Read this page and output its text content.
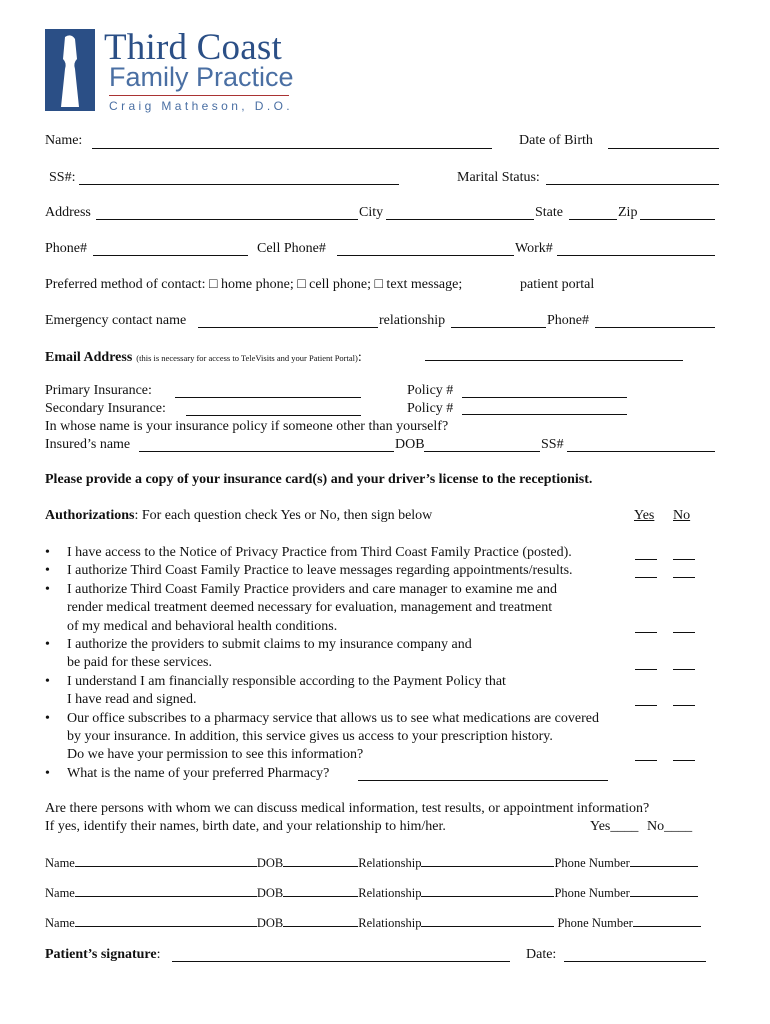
Third Coast
Family Practice
Craig Matheson, D.O.
Name:	Date of Birth
SS#:	Marital Status:
Address	City	State	Zip
Phone#	Cell Phone#	Work#
Preferred method of contact: □ home phone; □ cell phone; □ text message;	patient portal
Emergency contact name	relationship	Phone#
Email Address (this is necessary for access to TeleVisits and your Patient Portal):
Primary Insurance:	Policy #
Secondary Insurance:	Policy #
In whose name is your insurance policy if someone other than yourself?
Insured’s name	DOB	SS#
Please provide a copy of your insurance card(s) and your driver’s license to the receptionist.
Authorizations: For each question check Yes or No, then sign below	Yes No
• I have access to the Notice of Privacy Practice from Third Coast Family Practice (posted).
• I authorize Third Coast Family Practice to leave messages regarding appointments/results.
• I authorize Third Coast Family Practice providers and care manager to examine me and
render medical treatment deemed necessary for evaluation, management and treatment
of my medical and behavioral health conditions.
• I authorize the providers to submit claims to my insurance company and
be paid for these services.
• I understand I am financially responsible according to the Payment Policy that
I have read and signed.
• Our office subscribes to a pharmacy service that allows us to see what medications are covered
by your insurance. In addition, this service gives us access to your prescription history.
Do we have your permission to see this information?
• What is the name of your preferred Pharmacy?
Are there persons with whom we can discuss medical information, test results, or appointment information?
If yes, identify their names, birth date, and your relationship to him/her.	Yes____ No____
Name	DOB	Relationship	Phone Number
Name	DOB	Relationship	Phone Number
Name	DOB	Relationship	Phone Number
Patient’s signature:	Date:
